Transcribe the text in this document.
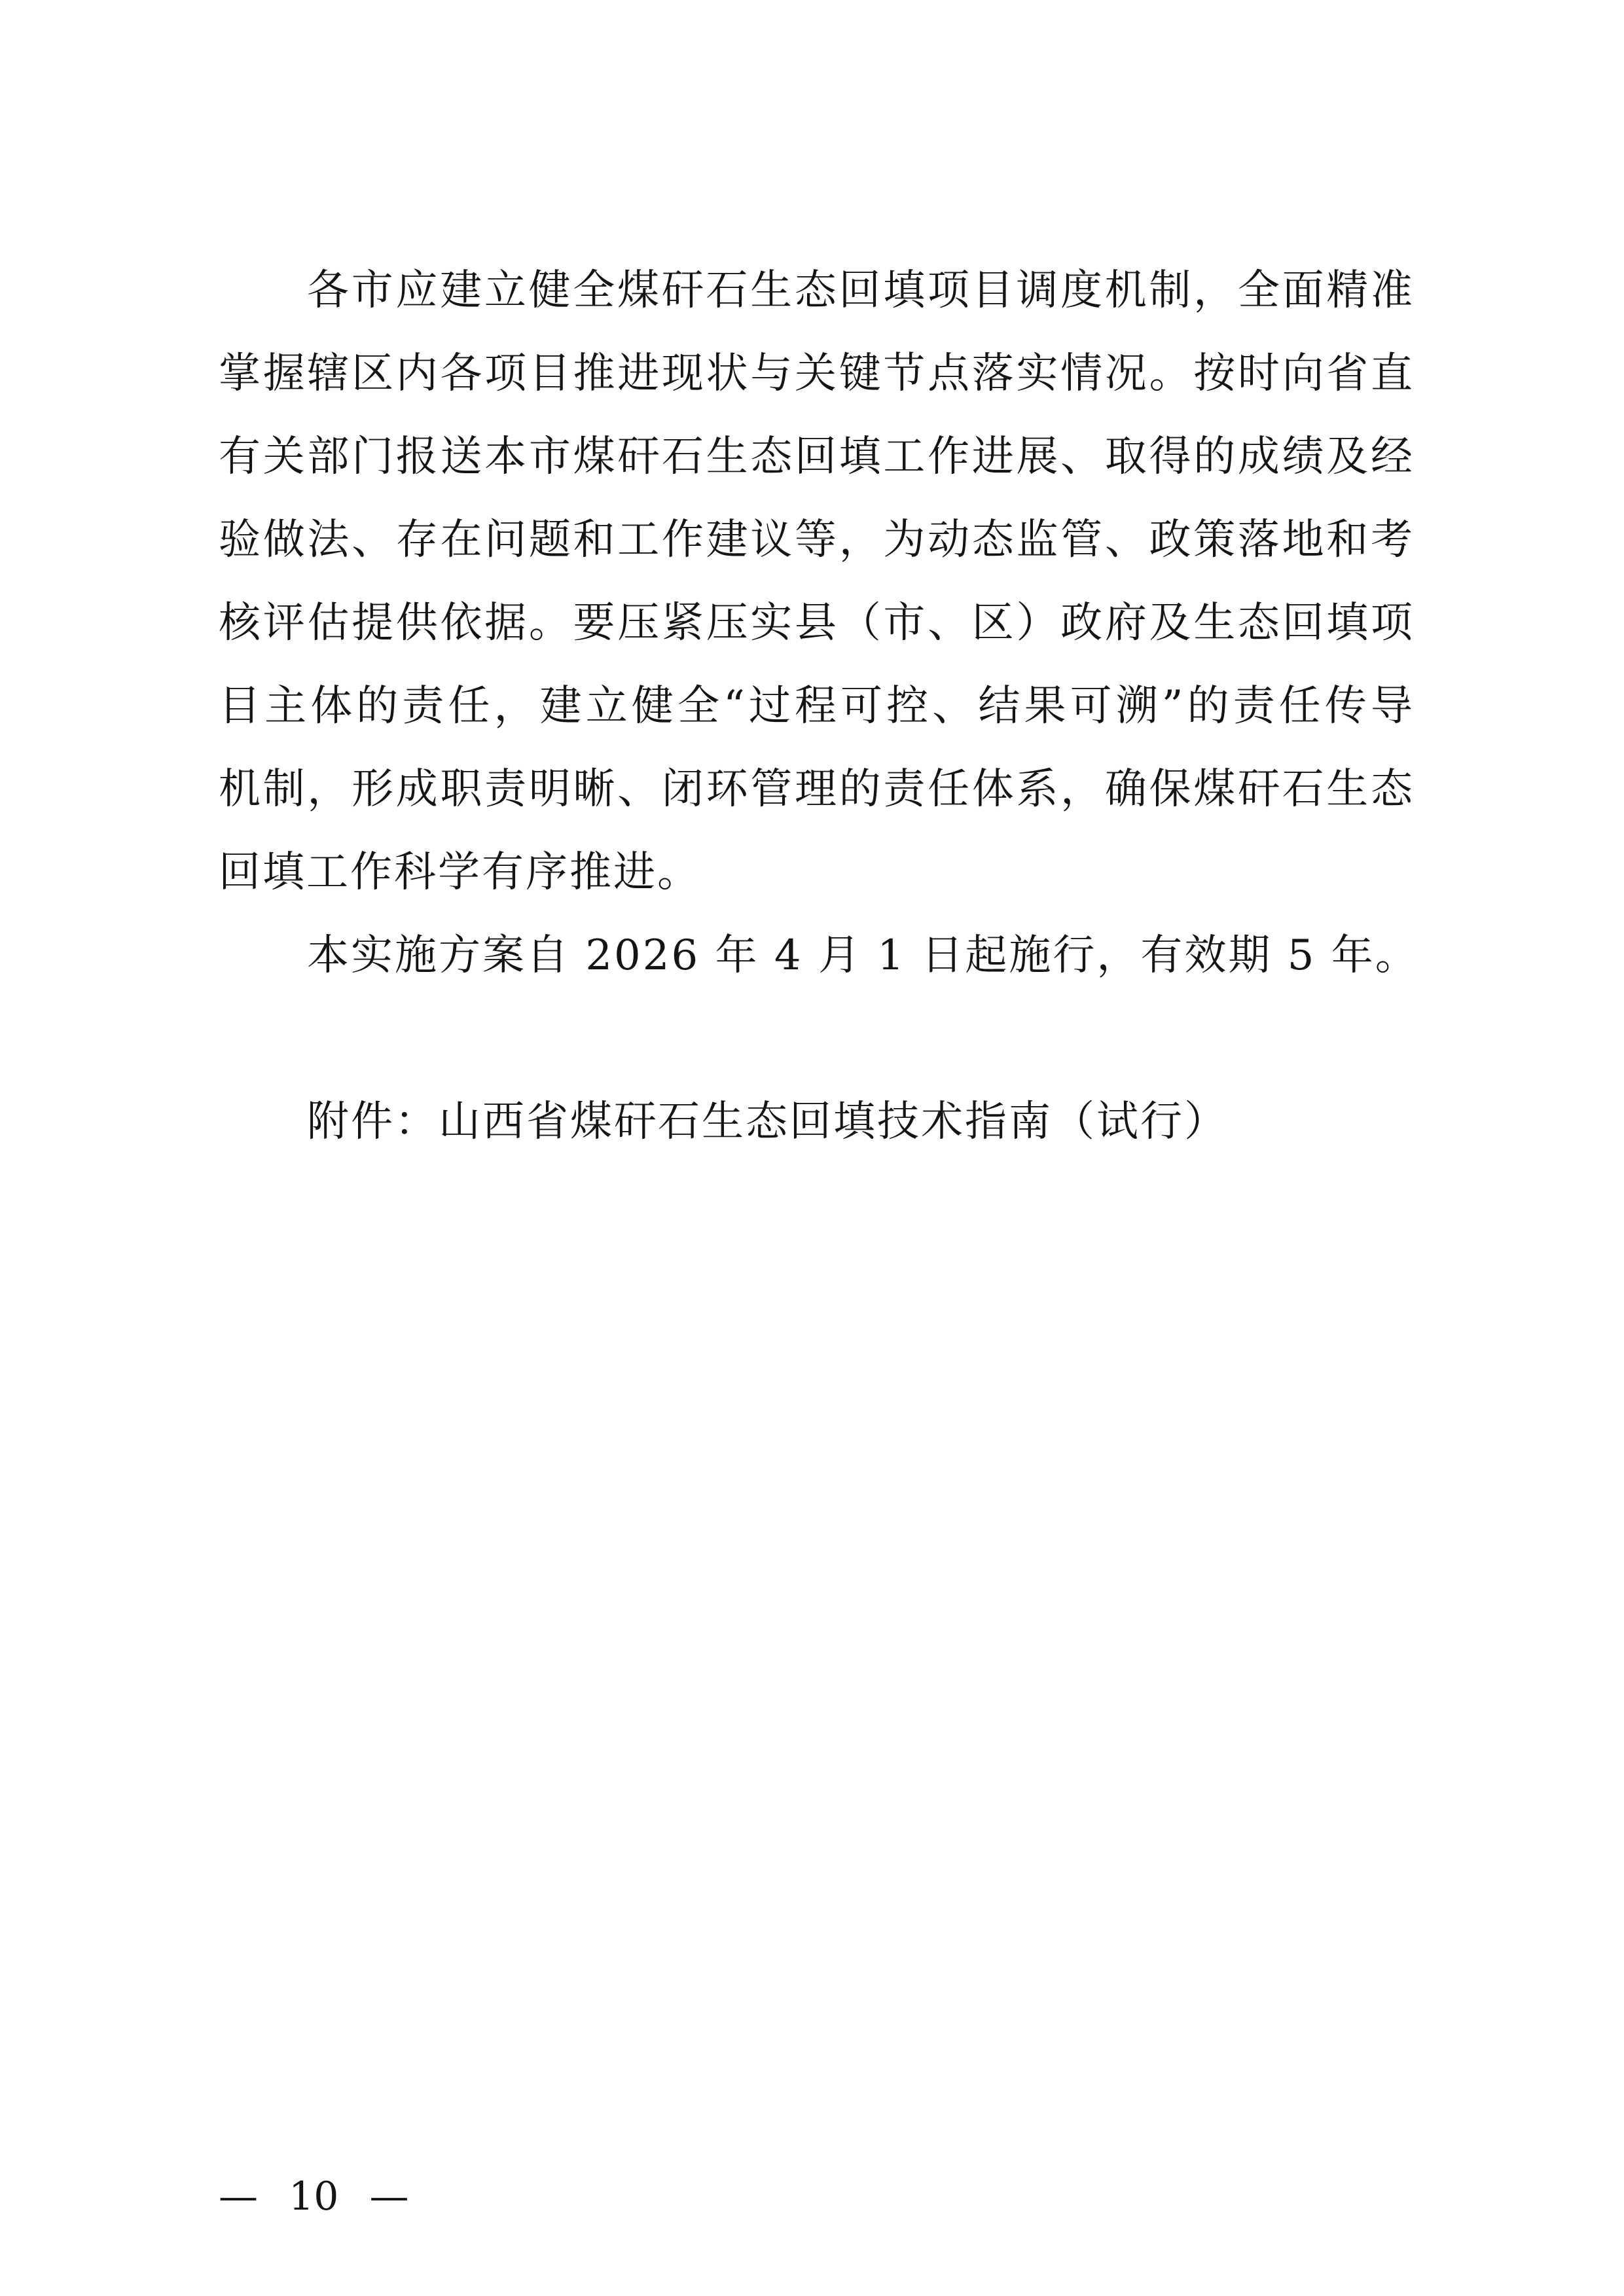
各市应建立健全煤矸石生态回填项目调度机制，全面精准
掌握辖区内各项目推进现状与关键节点落实情况。按时向省直
有关部门报送本市煤矸石生态回填工作进展、取得的成绩及经
验做法、存在问题和工作建议等，为动态监管、政策落地和考
核评估提供依据。要压紧压实县（市、区）政府及生态回填项
目主体的责任，建立健全“过程可控、结果可溯”的责任传导
机制，形成职责明晰、闭环管理的责任体系，确保煤矸石生态
回填工作科学有序推进。

本实施方案自 2026 年 4 月 1 日起施行，有效期 5 年。

附件：山西省煤矸石生态回填技术指南（试行）

— 10 —
